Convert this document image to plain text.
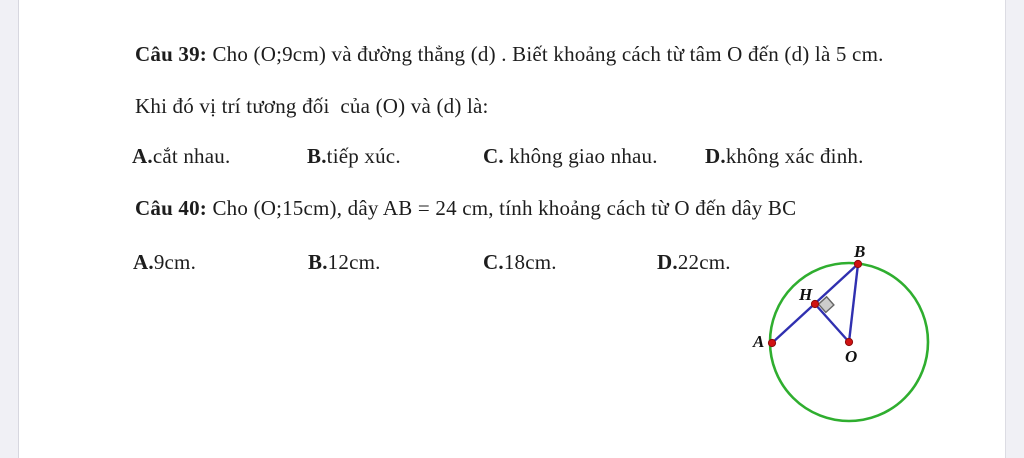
Câu 39: Cho (O;9cm) và đường thẳng (d) . Biết khoảng cách từ tâm O đến (d) là 5 cm.
Khi đó vị trí tương đối  của (O) và (d) là:
A.cắt nhau.	B.tiếp xúc.	C. không giao nhau. D.không xác đinh.
Câu 40: Cho (O;15cm), dây AB = 24 cm, tính khoảng cách từ O đến dây BC
A.9cm.	B.12cm.	C.18cm.	D.22cm.
A
B
H
O
